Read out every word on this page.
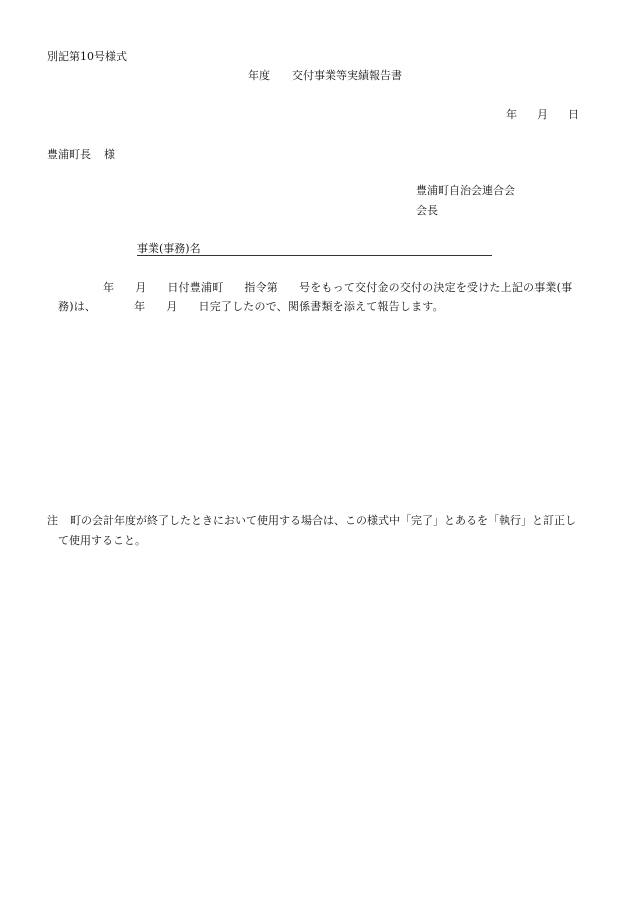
別記第10号様式
年度 交付事業等実績報告書
年 月 日
豊浦町長 様
豊浦町自治会連合会
会長
事業(事務)名
年 月 日付豊浦町 指令第 号をもって交付金の交付の決定を受けた上記の事業(事
務)は、	年 月 日完了したので、関係書類を添えて報告します。
注 町の会計年度が終了したときにおいて使用する場合は、この様式中「完了」とあるを「執行」と訂正し
て使用すること。
